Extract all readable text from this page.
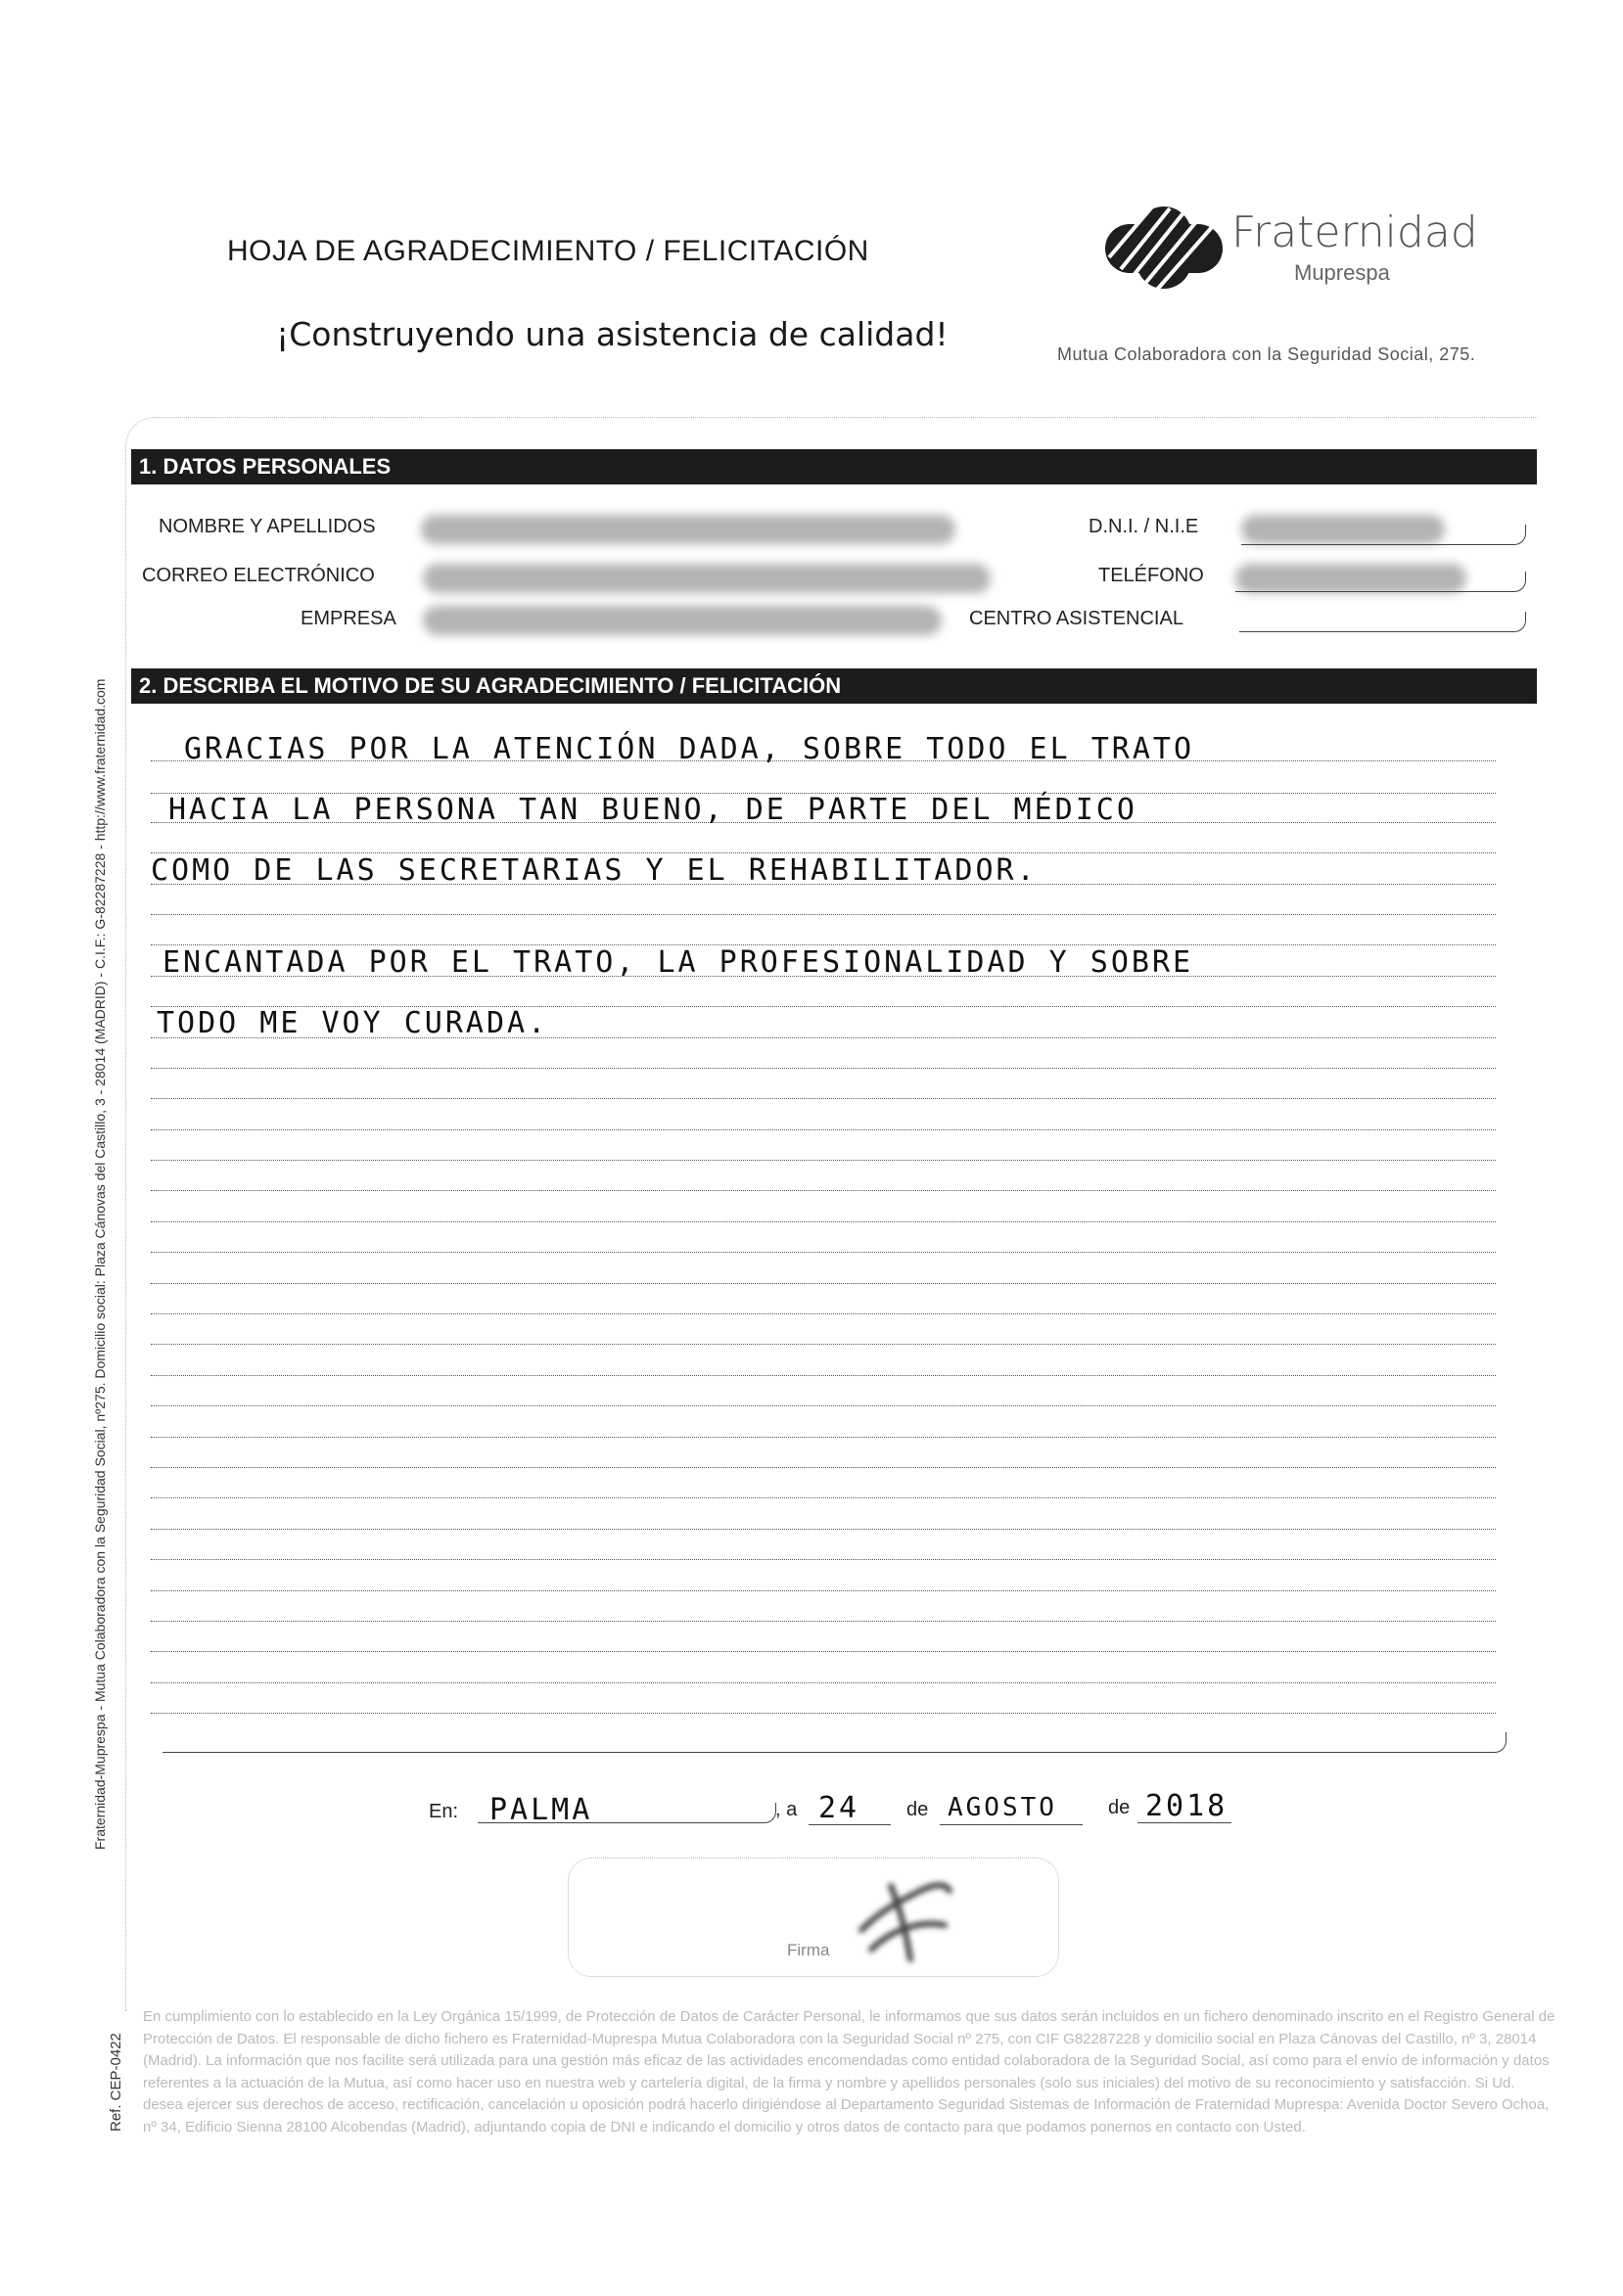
HOJA DE AGRADECIMIENTO / FELICITACIÓN
¡Construyendo una asistencia de calidad!
Fraternidad
Muprespa
Mutua Colaboradora con la Seguridad Social, 275.
Fraternidad-Muprespa - Mutua Colaboradora con la Seguridad Social, nº275. Domicilio social: Plaza Cánovas del Castillo, 3 - 28014 (MADRID) - C.I.F.: G-82287228 - http://www.fraternidad.com
Ref. CEP-0422
1. DATOS PERSONALES
NOMBRE Y APELLIDOS
CORREO ELECTRÓNICO
EMPRESA
D.N.I. / N.I.E
TELÉFONO
CENTRO ASISTENCIAL
2. DESCRIBA EL MOTIVO DE SU AGRADECIMIENTO / FELICITACIÓN
GRACIAS POR LA ATENCIÓN DADA, SOBRE TODO EL TRATO
HACIA LA PERSONA TAN BUENO, DE PARTE DEL MÉDICO
COMO DE LAS SECRETARIAS Y EL REHABILITADOR.
ENCANTADA POR EL TRATO, LA PROFESIONALIDAD Y SOBRE
TODO ME VOY CURADA.
En: PALMA	, a 24 de AGOSTO	de 2018
Firma
En cumplimiento con lo establecido en la Ley Orgánica 15/1999, de Protección de Datos de Carácter Personal, le informamos que sus datos serán incluidos en un fichero denominado inscrito en el Registro General de Protección de Datos. El responsable de dicho fichero es Fraternidad-Muprespa Mutua Colaboradora con la Seguridad Social nº 275, con CIF G82287228 y domicilio social en Plaza Cánovas del Castillo, nº 3, 28014 (Madrid). La información que nos facilite será utilizada para una gestión más eficaz de las actividades encomendadas como entidad colaboradora de la Seguridad Social, así como para el envío de información y datos referentes a la actuación de la Mutua, así como hacer uso en nuestra web y cartelería digital, de la firma y nombre y apellidos personales (solo sus iniciales) del motivo de su reconocimiento y satisfacción. Si Ud. desea ejercer sus derechos de acceso, rectificación, cancelación u oposición podrá hacerlo dirigiéndose al Departamento Seguridad Sistemas de Información de Fraternidad Muprespa: Avenida Doctor Severo Ochoa, nº 34, Edificio Sienna 28100 Alcobendas (Madrid), adjuntando copia de DNI e indicando el domicilio y otros datos de contacto para que podamos ponernos en contacto con Usted.
